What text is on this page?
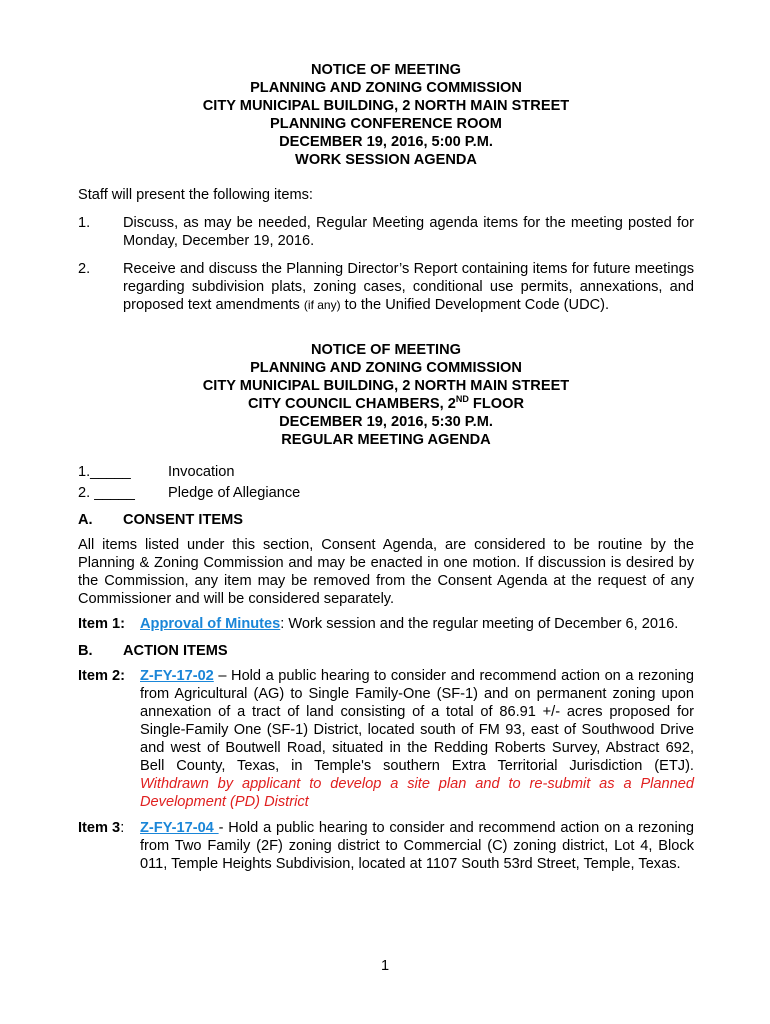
NOTICE OF MEETING
PLANNING AND ZONING COMMISSION
CITY MUNICIPAL BUILDING, 2 NORTH MAIN STREET
PLANNING CONFERENCE ROOM
DECEMBER 19, 2016, 5:00 P.M.
WORK SESSION AGENDA

Staff will present the following items:

1.	Discuss, as may be needed, Regular Meeting agenda items for the meeting posted for Monday, December 19, 2016.
2.	Receive and discuss the Planning Director’s Report containing items for future meetings regarding subdivision plats, zoning cases, conditional use permits, annexations, and proposed text amendments (if any) to the Unified Development Code (UDC).
NOTICE OF MEETING
PLANNING AND ZONING COMMISSION
CITY MUNICIPAL BUILDING, 2 NORTH MAIN STREET
CITY COUNCIL CHAMBERS, 2ND FLOOR
DECEMBER 19, 2016, 5:30 P.M.
REGULAR MEETING AGENDA
1._____	Invocation
2. _____	Pledge of Allegiance
A.	CONSENT ITEMS

All items listed under this section, Consent Agenda, are considered to be routine by the Planning & Zoning Commission and may be enacted in one motion. If discussion is desired by the Commission, any item may be removed from the Consent Agenda at the request of any Commissioner and will be considered separately.

Item 1:	Approval of Minutes: Work session and the regular meeting of December 6, 2016.
B.	ACTION ITEMS
Item 2:	Z-FY-17-02 – Hold a public hearing to consider and recommend action on a rezoning from Agricultural (AG) to Single Family-One (SF-1) and on permanent zoning upon annexation of a tract of land consisting of a total of 86.91 +/- acres proposed for Single-Family One (SF-1) District, located south of FM 93, east of Southwood Drive and west of Boutwell Road, situated in the Redding Roberts Survey, Abstract 692, Bell County, Texas, in Temple's southern Extra Territorial Jurisdiction (ETJ). Withdrawn by applicant to develop a site plan and to re-submit as a Planned Development (PD) District
Item 3:	Z-FY-17-04 - Hold a public hearing to consider and recommend action on a rezoning from Two Family (2F) zoning district to Commercial (C) zoning district, Lot 4, Block 011, Temple Heights Subdivision, located at 1107 South 53rd Street, Temple, Texas.
1
